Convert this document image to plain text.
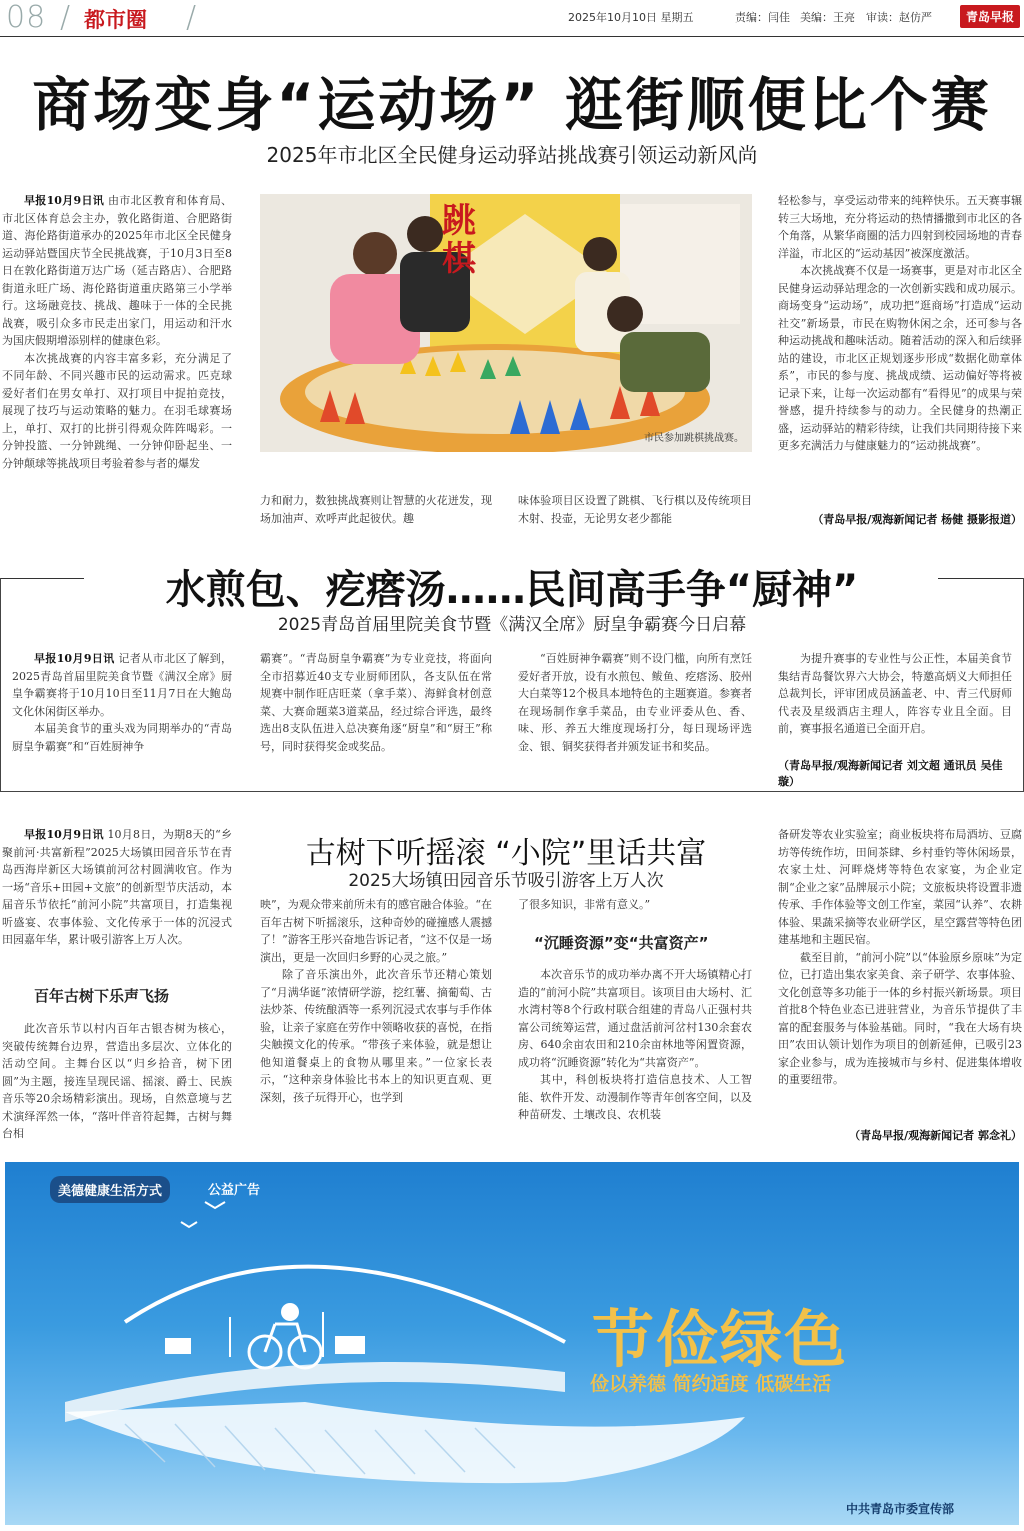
08 / 都市圈 /	2025年10月10日 星期五	责编：闫佳 美编：王亮 审读：赵仿严	青岛早报
商场变身“运动场” 逛街顺便比个赛
2025年市北区全民健身运动驿站挑战赛引领运动新风尚

早报10月9日讯 由市北区教育和体育局、市北区体育总会主办，敦化路街道、合肥路街道、海伦路街道承办的2025年市北区全民健身运动驿站暨国庆节全民挑战赛，于10月3日至8日在敦化路街道万达广场（延吉路店）、合肥路街道永旺广场、海伦路街道重庆路第三小学举行。这场融竞技、挑战、趣味于一体的全民挑战赛，吸引众多市民走出家门，用运动和汗水为国庆假期增添别样的健康色彩。

本次挑战赛的内容丰富多彩，充分满足了不同年龄、不同兴趣市民的运动需求。匹克球爱好者们在男女单打、双打项目中捉拍竞技，展现了技巧与运动策略的魅力。在羽毛球赛场上，单打、双打的比拼引得观众阵阵喝彩。一分钟投篮、一分钟跳绳、一分钟仰卧起坐、一分钟颠球等挑战项目考验着参与者的爆发

跳棋
市民参加跳棋挑战赛。
力和耐力，数独挑战赛则让智慧的火花迸发，现场加油声、欢呼声此起彼伏。趣
味体验项目区设置了跳棋、飞行棋以及传统项目木射、投壶，无论男女老少都能

轻松参与，享受运动带来的纯粹快乐。五天赛事辗转三大场地，充分将运动的热情播撒到市北区的各个角落，从繁华商圈的活力四射到校园场地的青春洋溢，市北区的“运动基因”被深度激活。

本次挑战赛不仅是一场赛事，更是对市北区全民健身运动驿站理念的一次创新实践和成功展示。商场变身“运动场”，成功把“逛商场”打造成“运动社交”新场景，市民在购物休闲之余，还可参与各种运动挑战和趣味活动。随着活动的深入和后续驿站的建设，市北区正规划逐步形成“数据化勋章体系”，市民的参与度、挑战成绩、运动偏好等将被记录下来，让每一次运动都有“看得见”的成果与荣誉感，提升持续参与的动力。全民健身的热潮正盛，运动驿站的精彩待续，让我们共同期待接下来更多充满活力与健康魅力的“运动挑战赛”。

（青岛早报/观海新闻记者 杨健 摄影报道）
水煎包、疙瘩汤……民间高手争“厨神”
2025青岛首届里院美食节暨《满汉全席》厨皇争霸赛今日启幕

早报10月9日讯 记者从市北区了解到，2025青岛首届里院美食节暨《满汉全席》厨皇争霸赛将于10月10日至11月7日在大鲍岛文化休闲街区举办。

本届美食节的重头戏为同期举办的“青岛厨皇争霸赛”和“百姓厨神争

霸赛”。“青岛厨皇争霸赛”为专业竞技，将面向全市招募近40支专业厨师团队，各支队伍在常规赛中制作旺店旺菜（拿手菜）、海鲜食材创意菜、大赛命题菜3道菜品，经过综合评选，最终选出8支队伍进入总决赛角逐“厨皇”和“厨王”称号，同时获得奖金或奖品。

“百姓厨神争霸赛”则不设门槛，向所有烹饪爱好者开放，设有水煎包、鲅鱼、疙瘩汤、胶州大白菜等12个极具本地特色的主题赛道。参赛者在现场制作拿手菜品，由专业评委从色、香、味、形、养五大维度现场打分，每日现场评选金、银、铜奖获得者并颁发证书和奖品。

为提升赛事的专业性与公正性，本届美食节集结青岛餐饮界六大协会，特邀高炳义大师担任总裁判长，评审团成员涵盖老、中、青三代厨师代表及星级酒店主理人，阵容专业且全面。目前，赛事报名通道已全面开启。

（青岛早报/观海新闻记者 刘文超 通讯员 吴佳璇）

早报10月9日讯 10月8日，为期8天的“乡聚前河·共富新程”2025大场镇田园音乐节在青岛西海岸新区大场镇前河岔村圆满收官。作为一场“音乐+田园+文旅”的创新型节庆活动，本届音乐节依托“前河小院”共富项目，打造集视听盛宴、农事体验、文化传承于一体的沉浸式田园嘉年华，累计吸引游客上万人次。

百年古树下乐声飞扬

此次音乐节以村内百年古银杏树为核心，突破传统舞台边界，营造出多层次、立体化的活动空间。主舞台区以“归乡拾音，树下团圆”为主题，接连呈现民谣、摇滚、爵士、民族音乐等20余场精彩演出。现场，自然意境与艺术演绎浑然一体，“落叶伴音符起舞，古树与舞台相

古树下听摇滚 “小院”里话共富
2025大场镇田园音乐节吸引游客上万人次

映”，为观众带来前所未有的感官融合体验。“在百年古树下听摇滚乐，这种奇妙的碰撞感人震撼了！”游客王彤兴奋地告诉记者，“这不仅是一场演出，更是一次回归乡野的心灵之旅。”

除了音乐演出外，此次音乐节还精心策划了“月满华诞”浓情研学游，挖红薯、摘葡萄、古法炒茶、传统酿酒等一系列沉浸式农事与手作体验，让亲子家庭在劳作中领略收获的喜悦，在指尖触摸文化的传承。“带孩子来体验，就是想让他知道餐桌上的食物从哪里来。”一位家长表示，“这种亲身体验比书本上的知识更直观、更深刻，孩子玩得开心，也学到

了很多知识，非常有意义。”
“沉睡资源”变“共富资产”

本次音乐节的成功举办离不开大场镇精心打造的“前河小院”共富项目。该项目由大场村、汇水湾村等8个行政村联合组建的青岛八正强村共富公司统筹运营，通过盘活前河岔村130余套农房、640余亩农田和210余亩林地等闲置资源，成功将“沉睡资源”转化为“共富资产”。

其中，科创板块将打造信息技术、人工智能、软件开发、动漫制作等青年创客空间，以及种苗研发、土壤改良、农机装

备研发等农业实验室；商业板块将布局酒坊、豆腐坊等传统作坊，田间茶肆、乡村垂钓等休闲场景，农家土灶、河畔烧烤等特色农家宴，为企业定制“企业之家”品牌展示小院；文旅板块将设置非遗传承、手作体验等文创工作室，菜园“认养”、农耕体验、果蔬采摘等农业研学区，星空露营等特色团建基地和主题民宿。

截至目前，“前河小院”以“体验原乡原味”为定位，已打造出集农家美食、亲子研学、农事体验、文化创意等多功能于一体的乡村振兴新场景。项目首批8个特色业态已进驻营业，为音乐节提供了丰富的配套服务与体验基础。同时，“我在大场有块田”农田认领计划作为项目的创新延伸，已吸引23家企业参与，成为连接城市与乡村、促进集体增收的重要纽带。

（青岛早报/观海新闻记者 郭念礼）
美德健康生活方式	公益广告
节俭绿色
俭以养德 简约适度 低碳生活
中共青岛市委宣传部
